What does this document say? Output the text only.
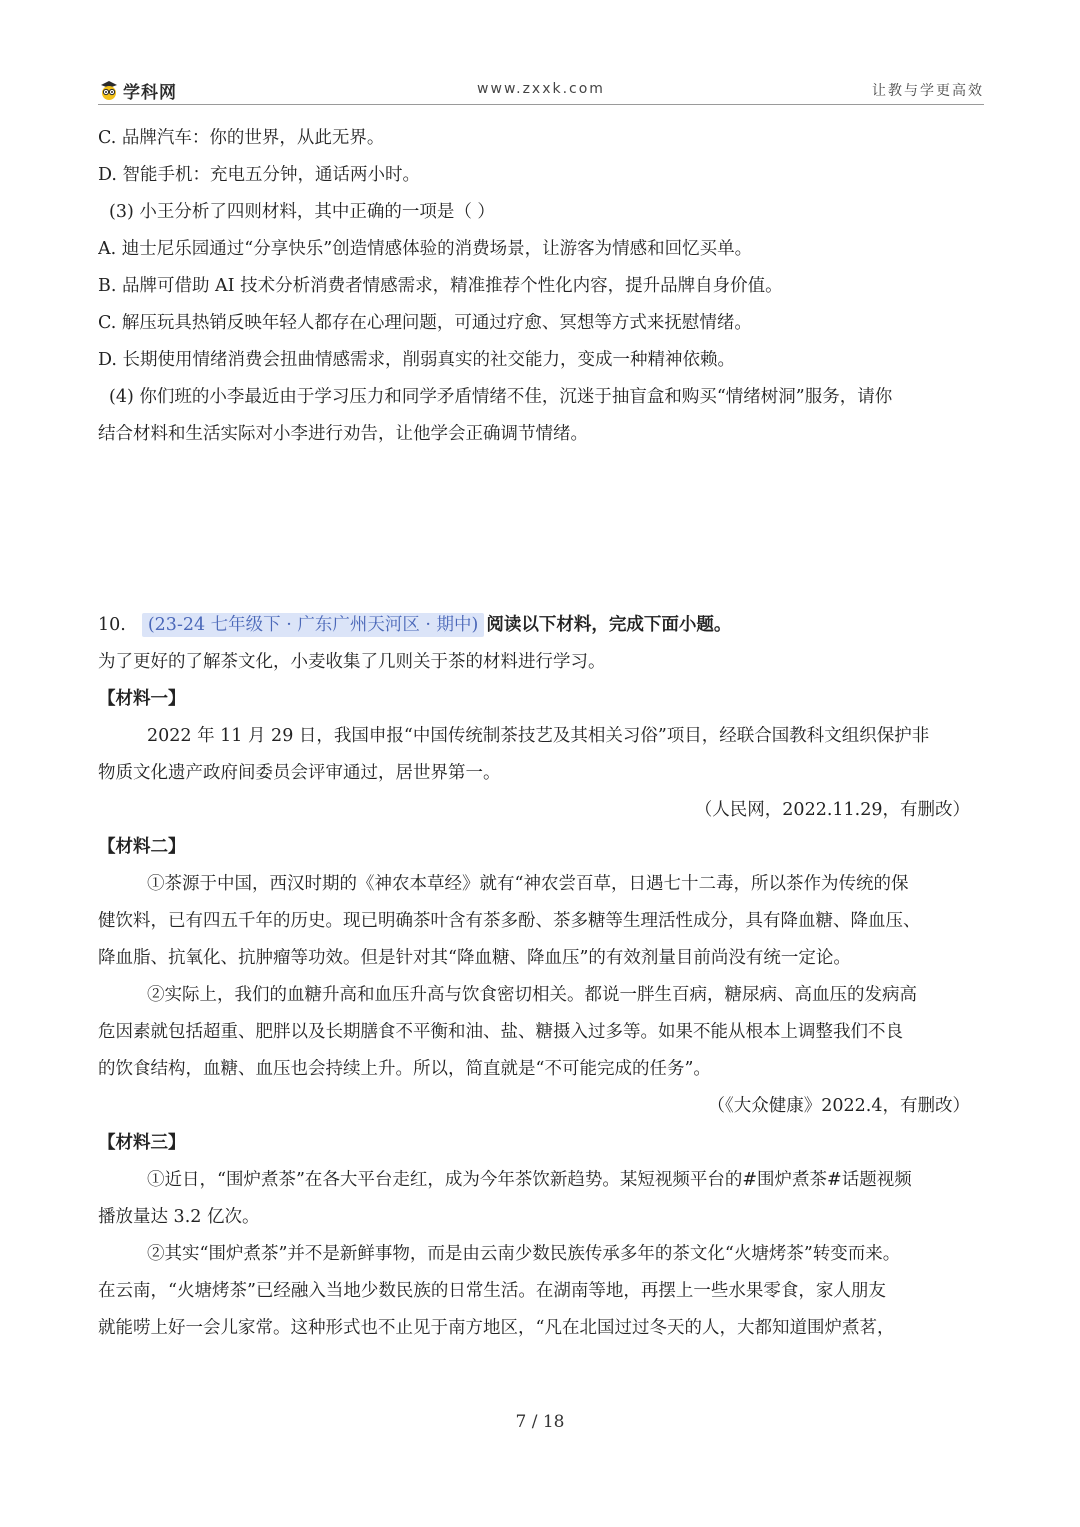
学科网	www.zxxk.com	让教与学更高效
C. 品牌汽车：你的世界，从此无界。
D. 智能手机：充电五分钟，通话两小时。
(3) 小王分析了四则材料，其中正确的一项是（ ）
A. 迪士尼乐园通过“分享快乐”创造情感体验的消费场景，让游客为情感和回忆买单。
B. 品牌可借助 AI 技术分析消费者情感需求，精准推荐个性化内容，提升品牌自身价值。
C. 解压玩具热销反映年轻人都存在心理问题，可通过疗愈、冥想等方式来抚慰情绪。
D. 长期使用情绪消费会扭曲情感需求，削弱真实的社交能力，变成一种精神依赖。
(4) 你们班的小李最近由于学习压力和同学矛盾情绪不佳，沉迷于抽盲盒和购买“情绪树洞”服务，请你
结合材料和生活实际对小李进行劝告，让他学会正确调节情绪。
10. (23-24 七年级下 · 广东广州天河区 · 期中) 阅读以下材料，完成下面小题。
为了更好的了解茶文化，小麦收集了几则关于茶的材料进行学习。
【材料一】
2022 年 11 月 29 日，我国申报“中国传统制茶技艺及其相关习俗”项目，经联合国教科文组织保护非
物质文化遗产政府间委员会评审通过，居世界第一。
（人民网，2022.11.29，有删改）
【材料二】
①茶源于中国，西汉时期的《神农本草经》就有“神农尝百草，日遇七十二毒，所以茶作为传统的保
健饮料，已有四五千年的历史。现已明确茶叶含有茶多酚、茶多糖等生理活性成分，具有降血糖、降血压、
降血脂、抗氧化、抗肿瘤等功效。但是针对其“降血糖、降血压”的有效剂量目前尚没有统一定论。
②实际上，我们的血糖升高和血压升高与饮食密切相关。都说一胖生百病，糖尿病、高血压的发病高
危因素就包括超重、肥胖以及长期膳食不平衡和油、盐、糖摄入过多等。如果不能从根本上调整我们不良
的饮食结构，血糖、血压也会持续上升。所以，简直就是“不可能完成的任务”。
（《大众健康》2022.4，有删改）
【材料三】
①近日，“围炉煮茶”在各大平台走红，成为今年茶饮新趋势。某短视频平台的#围炉煮茶#话题视频
播放量达 3.2 亿次。
②其实“围炉煮茶”并不是新鲜事物，而是由云南少数民族传承多年的茶文化“火塘烤茶”转变而来。
在云南，“火塘烤茶”已经融入当地少数民族的日常生活。在湖南等地，再摆上一些水果零食，家人朋友
就能唠上好一会儿家常。这种形式也不止见于南方地区，“凡在北国过过冬天的人，大都知道围炉煮茗，
7 / 18
